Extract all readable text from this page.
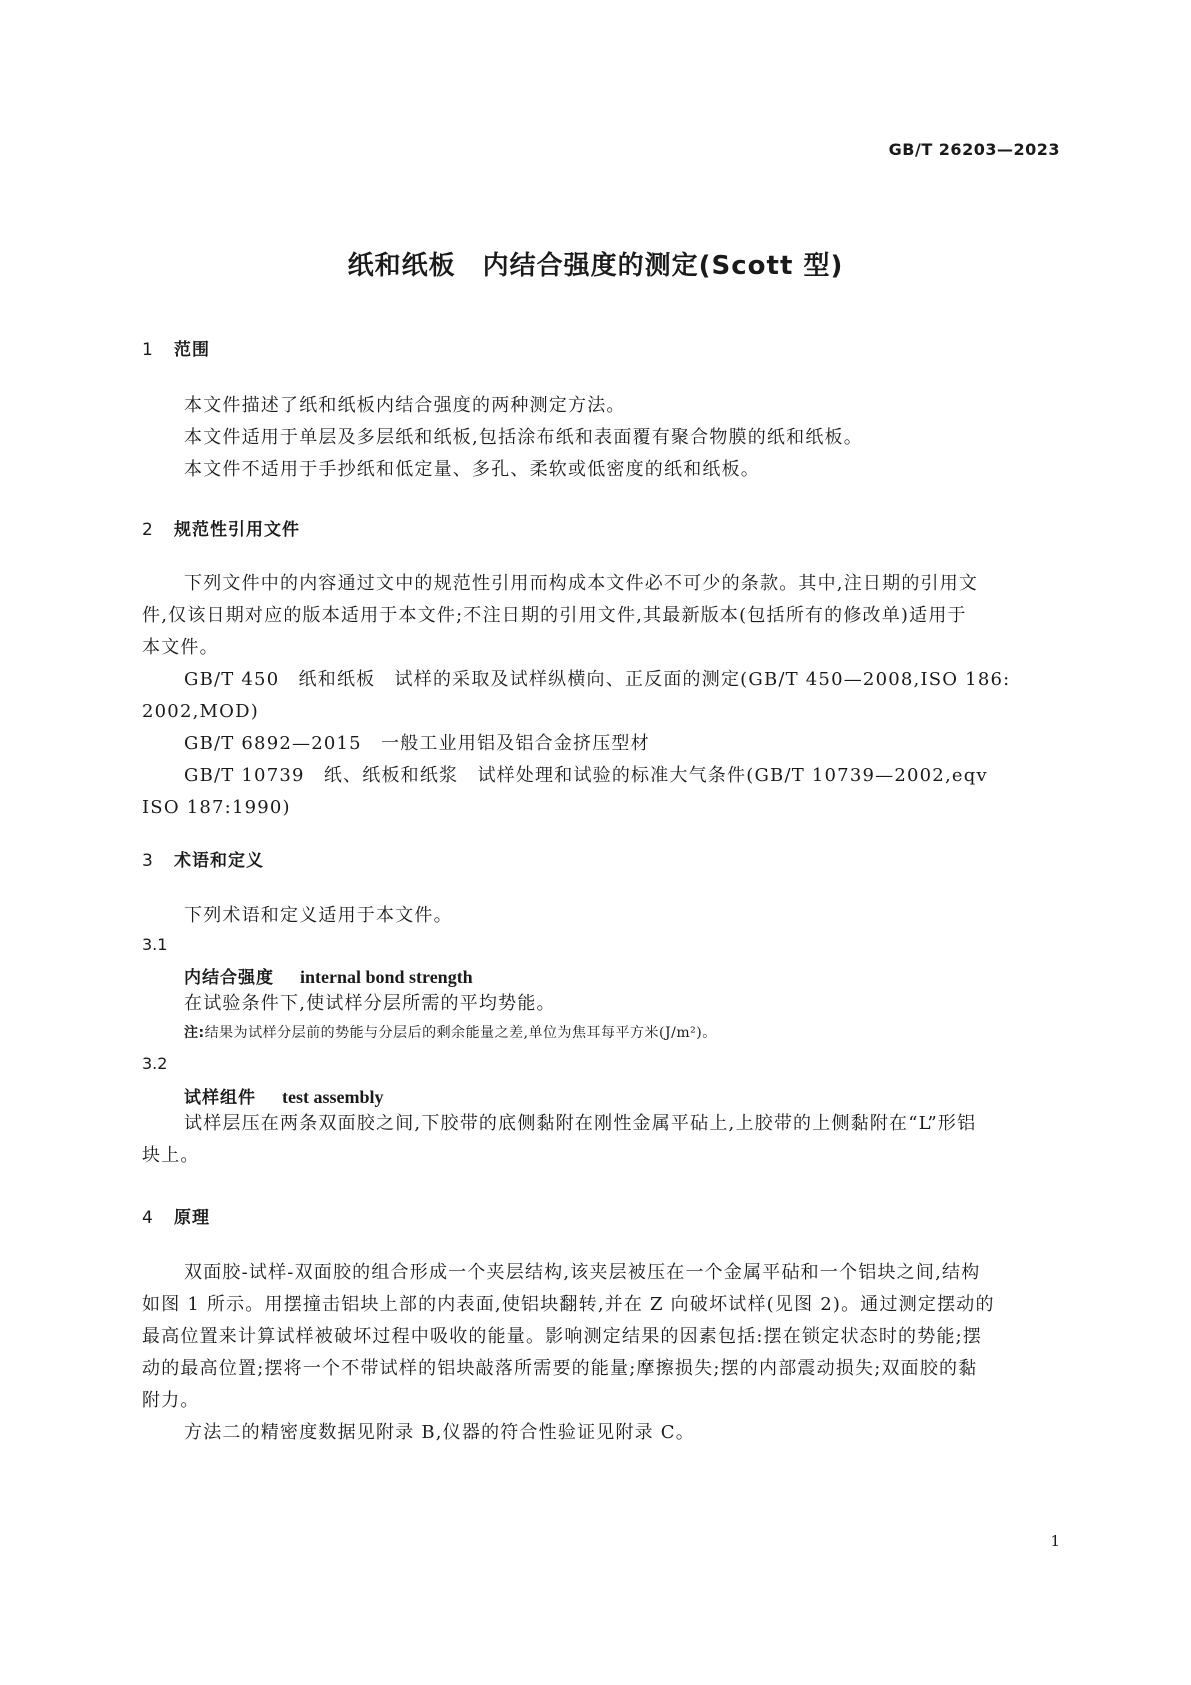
GB/T 26203—2023
纸和纸板　内结合强度的测定(Scott 型)
1 范围
本文件描述了纸和纸板内结合强度的两种测定方法。
本文件适用于单层及多层纸和纸板,包括涂布纸和表面覆有聚合物膜的纸和纸板。
本文件不适用于手抄纸和低定量、多孔、柔软或低密度的纸和纸板。
2 规范性引用文件
下列文件中的内容通过文中的规范性引用而构成本文件必不可少的条款。其中,注日期的引用文
件,仅该日期对应的版本适用于本文件;不注日期的引用文件,其最新版本(包括所有的修改单)适用于
本文件。
GB/T 450　纸和纸板　试样的采取及试样纵横向、正反面的测定(GB/T 450—2008,ISO 186:
2002,MOD)
GB/T 6892—2015　一般工业用铝及铝合金挤压型材
GB/T 10739　纸、纸板和纸浆　试样处理和试验的标准大气条件(GB/T 10739—2002,eqv
ISO 187:1990)
3 术语和定义
下列术语和定义适用于本文件。
3.1
内结合强度 internal bond strength
在试验条件下,使试样分层所需的平均势能。
注:结果为试样分层前的势能与分层后的剩余能量之差,单位为焦耳每平方米(J/m²)。
3.2
试样组件 test assembly
试样层压在两条双面胶之间,下胶带的底侧黏附在刚性金属平砧上,上胶带的上侧黏附在“L”形铝
块上。
4 原理
双面胶-试样-双面胶的组合形成一个夹层结构,该夹层被压在一个金属平砧和一个铝块之间,结构
如图 1 所示。用摆撞击铝块上部的内表面,使铝块翻转,并在 Z 向破坏试样(见图 2)。通过测定摆动的
最高位置来计算试样被破坏过程中吸收的能量。影响测定结果的因素包括:摆在锁定状态时的势能;摆
动的最高位置;摆将一个不带试样的铝块敲落所需要的能量;摩擦损失;摆的内部震动损失;双面胶的黏
附力。
方法二的精密度数据见附录 B,仪器的符合性验证见附录 C。
1
